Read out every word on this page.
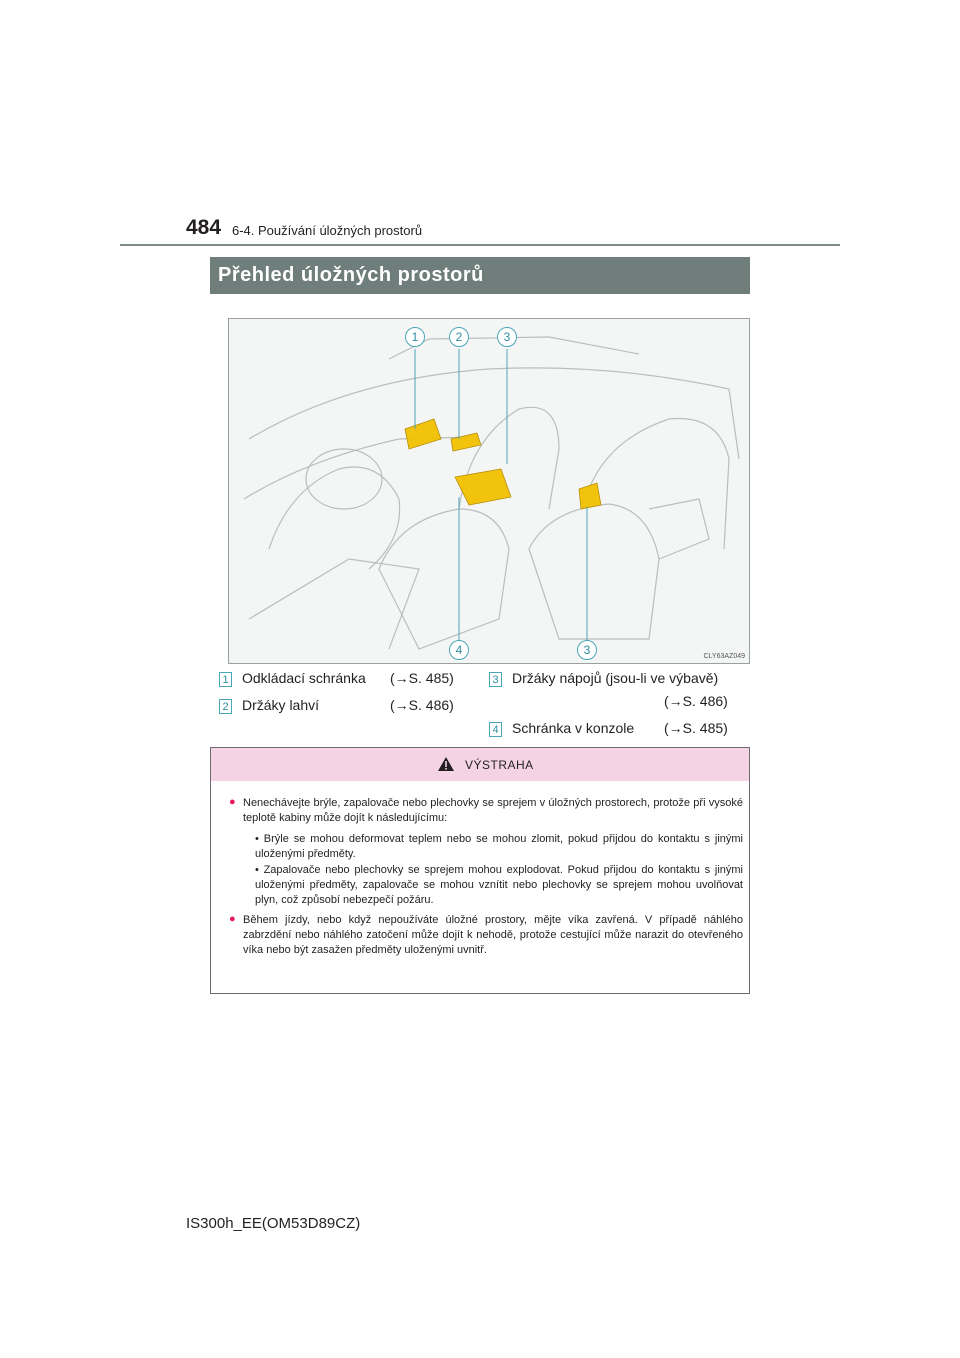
484 6-4. Používání úložných prostorů
Přehled úložných prostorů
1	2	3
4	3	CLY63AZ049
1 Odkládací schránka (→S. 485)
2 Držáky lahví	(→S. 486)
3 Držáky nápojů (jsou-li ve výbavě)
(→S. 486)
4 Schránka v konzole (→S. 485)
VÝSTRAHA
● Nenechávejte brýle, zapalovače nebo plechovky se sprejem v úložných prostorech, protože při vysoké teplotě kabiny může dojít k následujícímu:
• Brýle se mohou deformovat teplem nebo se mohou zlomit, pokud přijdou do kontaktu s jinými uloženými předměty.
• Zapalovače nebo plechovky se sprejem mohou explodovat. Pokud přijdou do kontaktu s jinými uloženými předměty, zapalovače se mohou vznítit nebo plechovky se sprejem mohou uvolňovat plyn, což způsobí nebezpečí požáru.
● Během jízdy, nebo když nepoužíváte úložné prostory, mějte víka zavřená. V případě náhlého zabrzdění nebo náhlého zatočení může dojít k nehodě, protože cestující může narazit do otevřeného víka nebo být zasažen předměty uloženými uvnitř.
IS300h_EE(OM53D89CZ)
